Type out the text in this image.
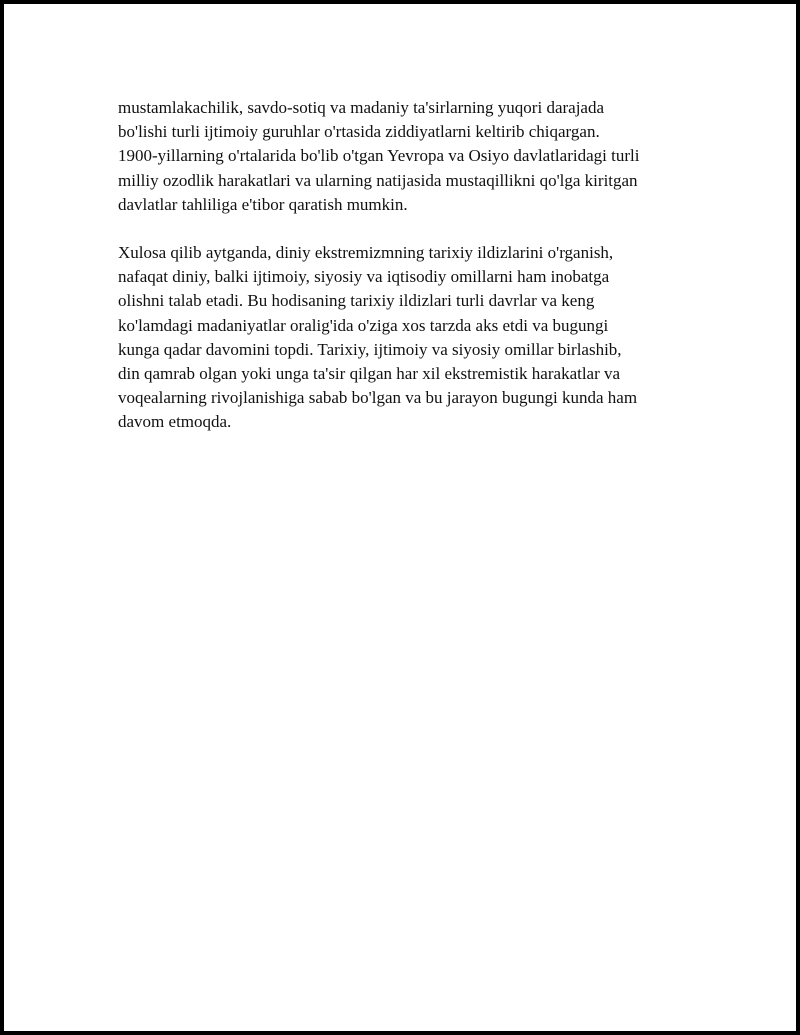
mustamlakachilik, savdo-sotiq va madaniy ta'sirlarning yuqori darajada
bo'lishi turli ijtimoiy guruhlar o'rtasida ziddiyatlarni keltirib chiqargan.
1900-yillarning o'rtalarida bo'lib o'tgan Yevropa va Osiyo davlatlaridagi turli
milliy ozodlik harakatlari va ularning natijasida mustaqillikni qo'lga kiritgan
davlatlar tahliliga e'tibor qaratish mumkin.

Xulosa qilib aytganda, diniy ekstremizmning tarixiy ildizlarini o'rganish,
nafaqat diniy, balki ijtimoiy, siyosiy va iqtisodiy omillarni ham inobatga
olishni talab etadi. Bu hodisaning tarixiy ildizlari turli davrlar va keng
ko'lamdagi madaniyatlar oralig'ida o'ziga xos tarzda aks etdi va bugungi
kunga qadar davomini topdi. Tarixiy, ijtimoiy va siyosiy omillar birlashib,
din qamrab olgan yoki unga ta'sir qilgan har xil ekstremistik harakatlar va
voqealarning rivojlanishiga sabab bo'lgan va bu jarayon bugungi kunda ham
davom etmoqda.
